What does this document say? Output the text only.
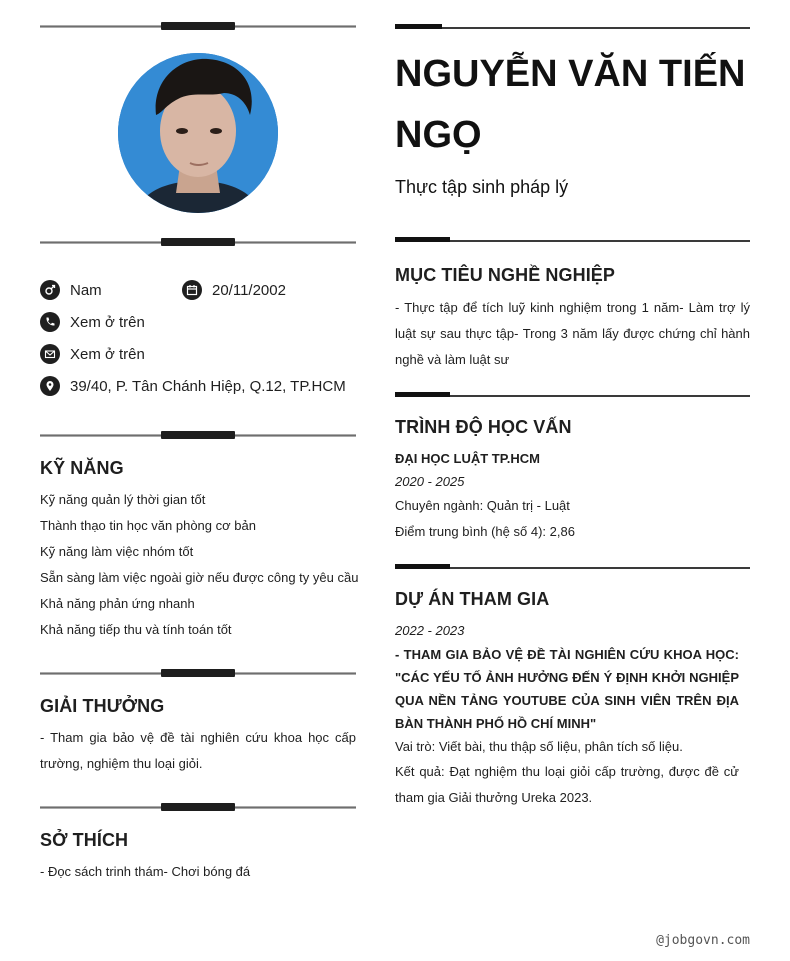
Nam	20/11/2002
Xem ở trên
Xem ở trên
39/40, P. Tân Chánh Hiệp, Q.12, TP.HCM
KỸ NĂNG
Kỹ năng quản lý thời gian tốt
Thành thạo tin học văn phòng cơ bản
Kỹ năng làm việc nhóm tốt
Sẵn sàng làm việc ngoài giờ nếu được công ty yêu cầu
Khả năng phản ứng nhanh
Khả năng tiếp thu và tính toán tốt
GIẢI THƯỞNG
- Tham gia bảo vệ đề tài nghiên cứu khoa học cấp trường, nghiệm thu loại giỏi.
SỞ THÍCH
- Đọc sách trinh thám- Chơi bóng đá
NGUYỄN VĂN TIẾN NGỌ
Thực tập sinh pháp lý
MỤC TIÊU NGHỀ NGHIỆP
- Thực tập để tích luỹ kinh nghiệm trong 1 năm- Làm trợ lý luật sự sau thực tập- Trong 3 năm lấy được chứng chỉ hành nghề và làm luật sư
TRÌNH ĐỘ HỌC VẤN
ĐẠI HỌC LUẬT TP.HCM
2020 - 2025
Chuyên ngành: Quản trị - Luật
Điểm trung bình (hệ số 4): 2,86
DỰ ÁN THAM GIA
2022 - 2023
- THAM GIA BẢO VỆ ĐỀ TÀI NGHIÊN CỨU KHOA HỌC: "CÁC YẾU TỐ ẢNH HƯỞNG ĐẾN Ý ĐỊNH KHỞI NGHIỆP QUA NỀN TẢNG YOUTUBE CỦA SINH VIÊN TRÊN ĐỊA BÀN THÀNH PHỐ HỒ CHÍ MINH"
Vai trò: Viết bài, thu thập số liệu, phân tích số liệu.
Kết quả: Đạt nghiệm thu loại giỏi cấp trường, được đề cử tham gia Giải thưởng Ureka 2023.
@jobgovn.com
